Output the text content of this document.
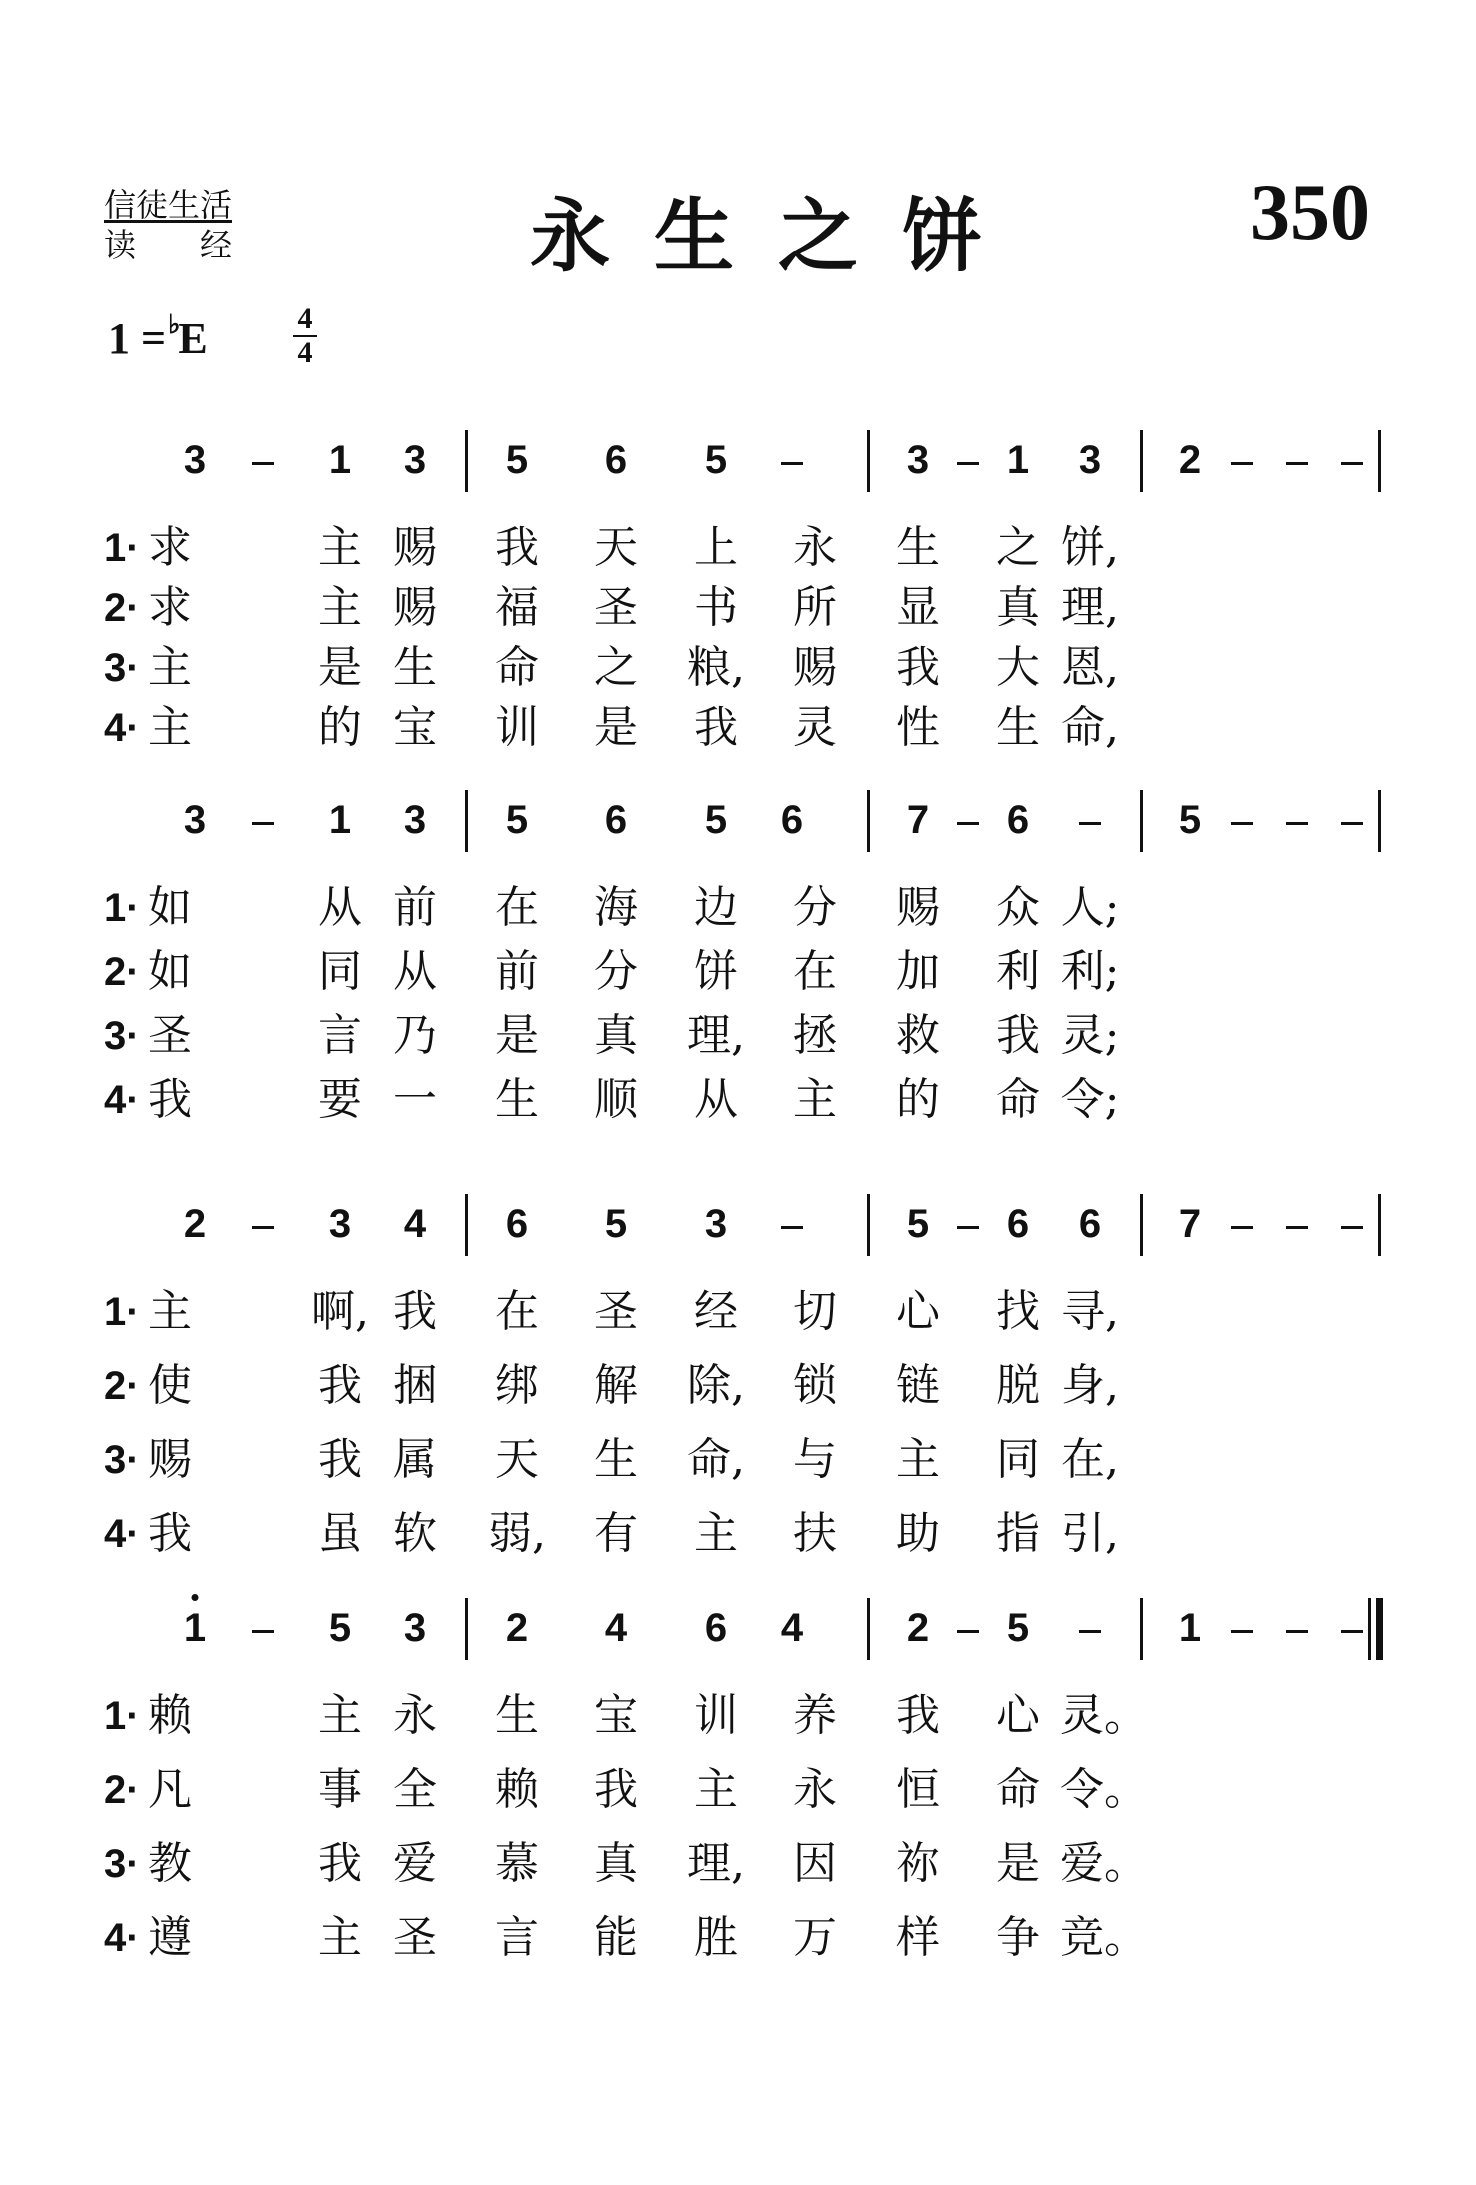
信徒生活
读　　经	永生之饼	350
1 =♭E	4
4
3	1	3	5	6	5	3	1	3	2
1· 求	主 赐 我 天 上 永 生 之 饼,
2· 求	主 赐 福 圣 书 所 显 真 理,
3· 主	是 生 命 之 粮, 赐 我 大 恩,
4· 主	的 宝 训 是 我 灵 性 生 命,
3	1	3	5	6	5	6	7	6	5
1· 如	从 前 在 海 边 分 赐 众 人;
2· 如	同 从 前 分 饼 在 加 利 利;
3· 圣	言 乃 是 真 理, 拯 救 我 灵;
4· 我	要 一 生 顺 从 主 的 命 令;
2	3	4	6	5	3	5	6	6	7
1· 主	啊, 我 在 圣 经 切 心 找 寻,
2· 使	我 捆 绑 解 除, 锁 链 脱 身,
3· 赐	我 属 天 生 命, 与 主 同 在,
4· 我	虽 软 弱, 有 主 扶 助 指 引,
1	5	3	2	4	6	4	2	5	1
1· 赖	主 永 生 宝 训 养 我 心 灵。
2· 凡	事 全 赖 我 主 永 恒 命 令。
3· 教	我 爱 慕 真 理, 因 祢 是 爱。
4· 遵	主 圣 言 能 胜 万 样 争 竞。
